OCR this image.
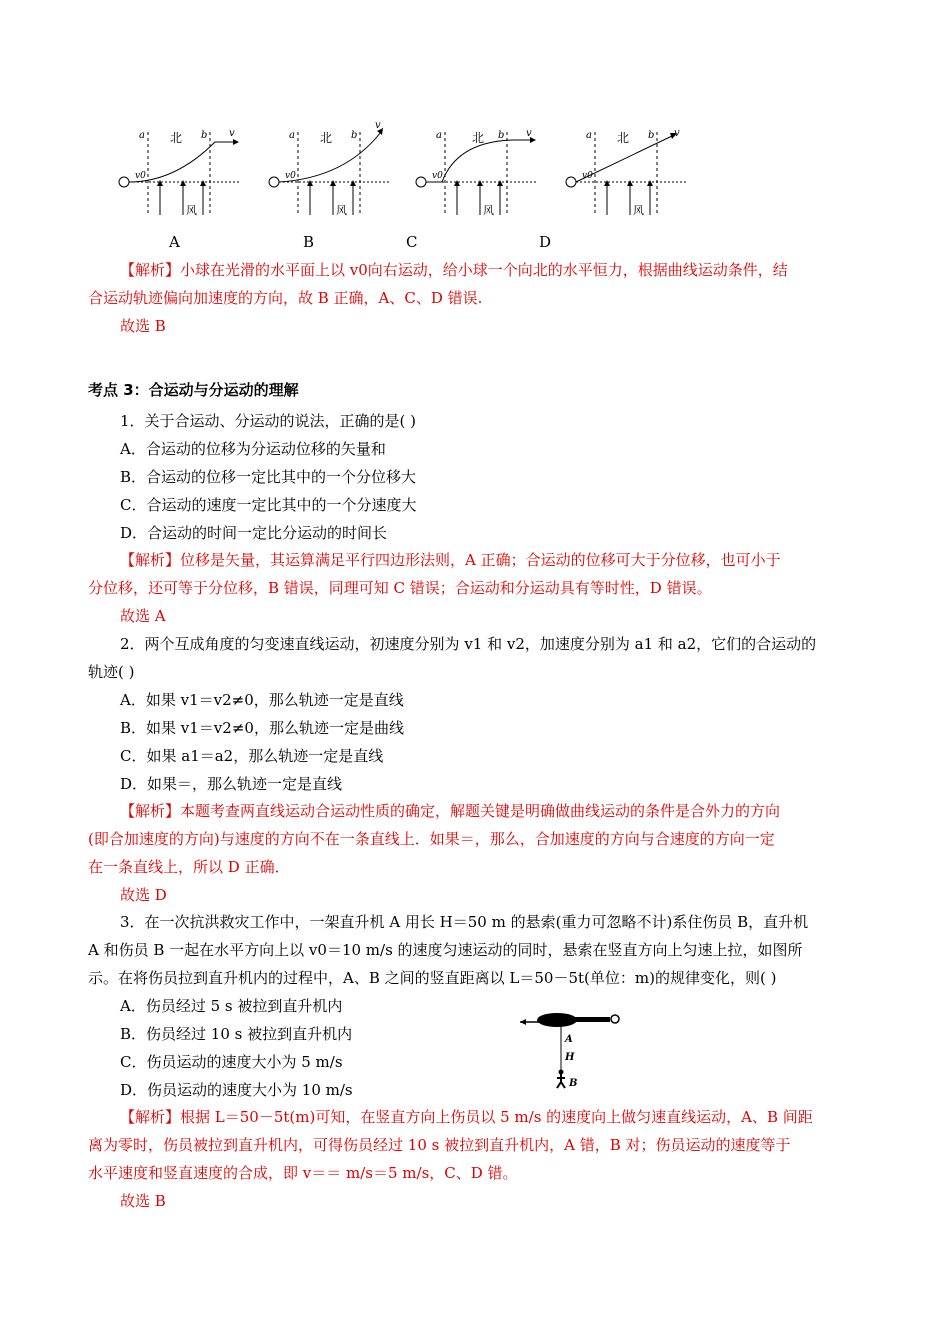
a	b v
北
v0
风
a	b
v
北
v0
风
a	b v
北
v0
风
a	b v
北
v0
风
A	B	C	D
【解析】小球在光滑的水平面上以 v0向右运动，给小球一个向北的水平恒力，根据曲线运动条件，结
合运动轨迹偏向加速度的方向，故 B 正确，A、C、D 错误.
故选 B
考点 3：合运动与分运动的理解
1．关于合运动、分运动的说法，正确的是( )
A．合运动的位移为分运动位移的矢量和
B．合运动的位移一定比其中的一个分位移大
C．合运动的速度一定比其中的一个分速度大
D．合运动的时间一定比分运动的时间长
【解析】位移是矢量，其运算满足平行四边形法则，A 正确；合运动的位移可大于分位移，也可小于
分位移，还可等于分位移，B 错误，同理可知 C 错误；合运动和分运动具有等时性，D 错误。
故选 A
2．两个互成角度的匀变速直线运动，初速度分别为 v1 和 v2，加速度分别为 a1 和 a2，它们的合运动的
轨迹( )
A．如果 v1＝v2≠0，那么轨迹一定是直线
B．如果 v1＝v2≠0，那么轨迹一定是曲线
C．如果 a1＝a2，那么轨迹一定是直线
D．如果＝，那么轨迹一定是直线
【解析】本题考查两直线运动合运动性质的确定，解题关键是明确做曲线运动的条件是合外力的方向
(即合加速度的方向)与速度的方向不在一条直线上．如果＝，那么，合加速度的方向与合速度的方向一定
在一条直线上，所以 D 正确．
故选 D
3．在一次抗洪救灾工作中，一架直升机 A 用长 H＝50 m 的悬索(重力可忽略不计)系住伤员 B，直升机
A 和伤员 B 一起在水平方向上以 v0＝10 m/s 的速度匀速运动的同时，悬索在竖直方向上匀速上拉，如图所
示。在将伤员拉到直升机内的过程中，A、B 之间的竖直距离以 L＝50－5t(单位：m)的规律变化，则( )
A．伤员经过 5 s 被拉到直升机内
B．伤员经过 10 s 被拉到直升机内
C．伤员运动的速度大小为 5 m/s
D．伤员运动的速度大小为 10 m/s
A
H
B
【解析】根据 L＝50－5t(m)可知，在竖直方向上伤员以 5 m/s 的速度向上做匀速直线运动，A、B 间距
离为零时，伤员被拉到直升机内，可得伤员经过 10 s 被拉到直升机内，A 错，B 对；伤员运动的速度等于
水平速度和竖直速度的合成，即 v＝＝ m/s＝5 m/s，C、D 错。
故选 B
